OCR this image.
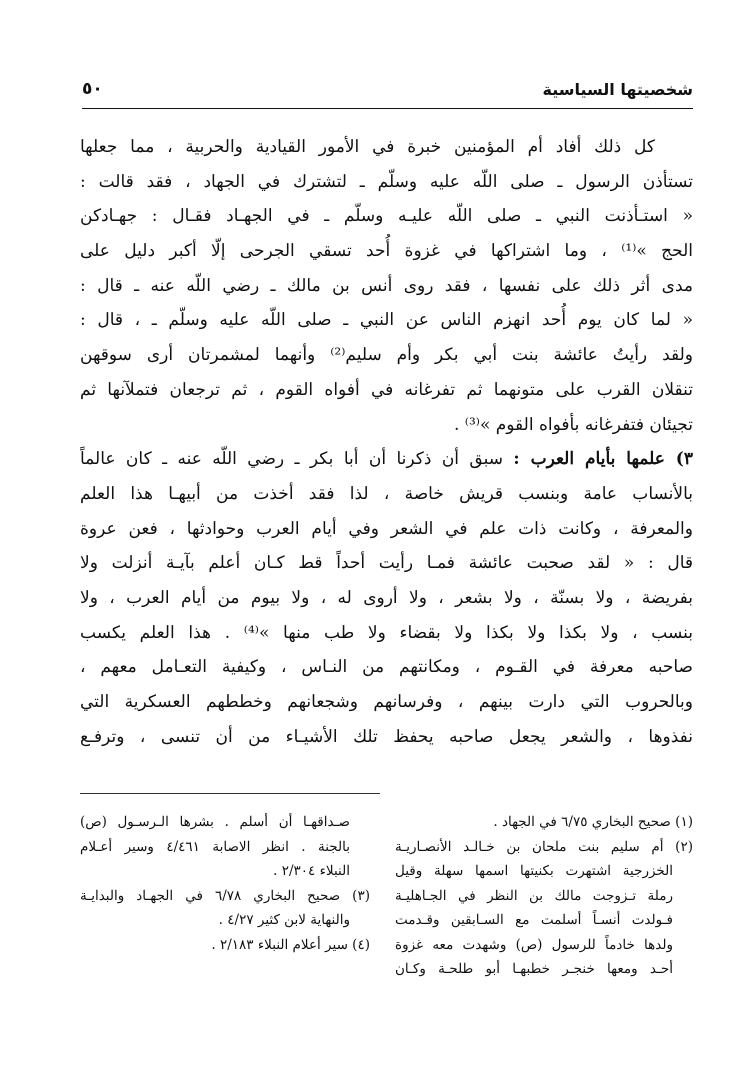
شخصيتها السياسية
٥٠
كل ذلك أفاد أم المؤمنين خبرة في الأمور القيادية والحربية ، مما جعلها
تستأذن الرسول ـ صلى اللّه عليه وسلّم ـ لتشترك في الجهاد ، فقد قالت :
« استـأذنت النبي ـ صلى اللّه عليـه وسلّم ـ في الجهـاد فقـال : جهـادكن
الحج »⁽¹⁾ ، وما اشتراكها في غزوة أُحد تسقي الجرحى إلّا أكبر دليل على
مدى أثر ذلك على نفسها ، فقد روى أنس بن مالك ـ رضي اللّه عنه ـ قال :
« لما كان يوم أُحد انهزم الناس عن النبي ـ صلى اللّه عليه وسلّم ـ ، قال :
ولقد رأيتُ عائشة بنت أبي بكر وأم سليم⁽²⁾ وأنهما لمشمرتان أرى سوقهن
تنقلان القرب على متونهما ثم تفرغانه في أفواه القوم ، ثم ترجعان فتملآنها ثم
تجيئان فتفرغانه بأفواه القوم »⁽³⁾ .
٣) علمها بأيام العرب : سبق أن ذكرنا أن أبا بكر ـ رضي اللّه عنه ـ كان عالماً
بالأنساب عامة وبنسب قريش خاصة ، لذا فقد أخذت من أبيهـا هذا العلم
والمعرفة ، وكانت ذات علم في الشعر وفي أيام العرب وحوادثها ، فعن عروة
قال : « لقد صحبت عائشة فمـا رأيت أحداً قط كـان أعلم بآيـة أنزلت ولا
بفريضة ، ولا بسنّة ، ولا بشعر ، ولا أروى له ، ولا بيوم من أيام العرب ، ولا
بنسب ، ولا بكذا ولا بكذا ولا بقضاء ولا طب منها »⁽⁴⁾ . هذا العلم يكسب
صاحبه معرفة في القـوم ، ومكانتهم من النـاس ، وكيفية التعـامل معهم ،
وبالحروب التي دارت بينهم ، وفرسانهم وشجعانهم وخططهم العسكرية التي
نفذوها ، والشعر يجعل صاحبه يحفظ تلك الأشيـاء من أن تنسى ، وترفـع
(١) صحيح البخاري ٦/٧٥ في الجهاد .
(٢) أم سليم بنت ملحان بن خـالـد الأنصـاريـة
الخزرجية اشتهرت بكنيتها اسمها سهلة وقيل
رملة تـزوجت مالك بن النظر في الجـاهليـة
فـولدت أنسـاً أسلمت مع السـابقين وقـدمت
ولدها خادماً للرسول (ص) وشهدت معه غزوة
أحـد ومعها خنجـر خطبهـا أبو طلحـة وكـان
صـداقهـا أن أسلم . بشرها الـرسـول (ص)
بالجنة . انظر الاصابة ٤/٤٦١ وسير أعـلام
النبلاء ٢/٣٠٤ .
(٣) صحيح البخاري ٦/٧٨ في الجهـاد والبدايـة
والنهاية لابن كثير ٤/٢٧ .
(٤) سير أعلام النبلاء ٢/١٨٣ .
